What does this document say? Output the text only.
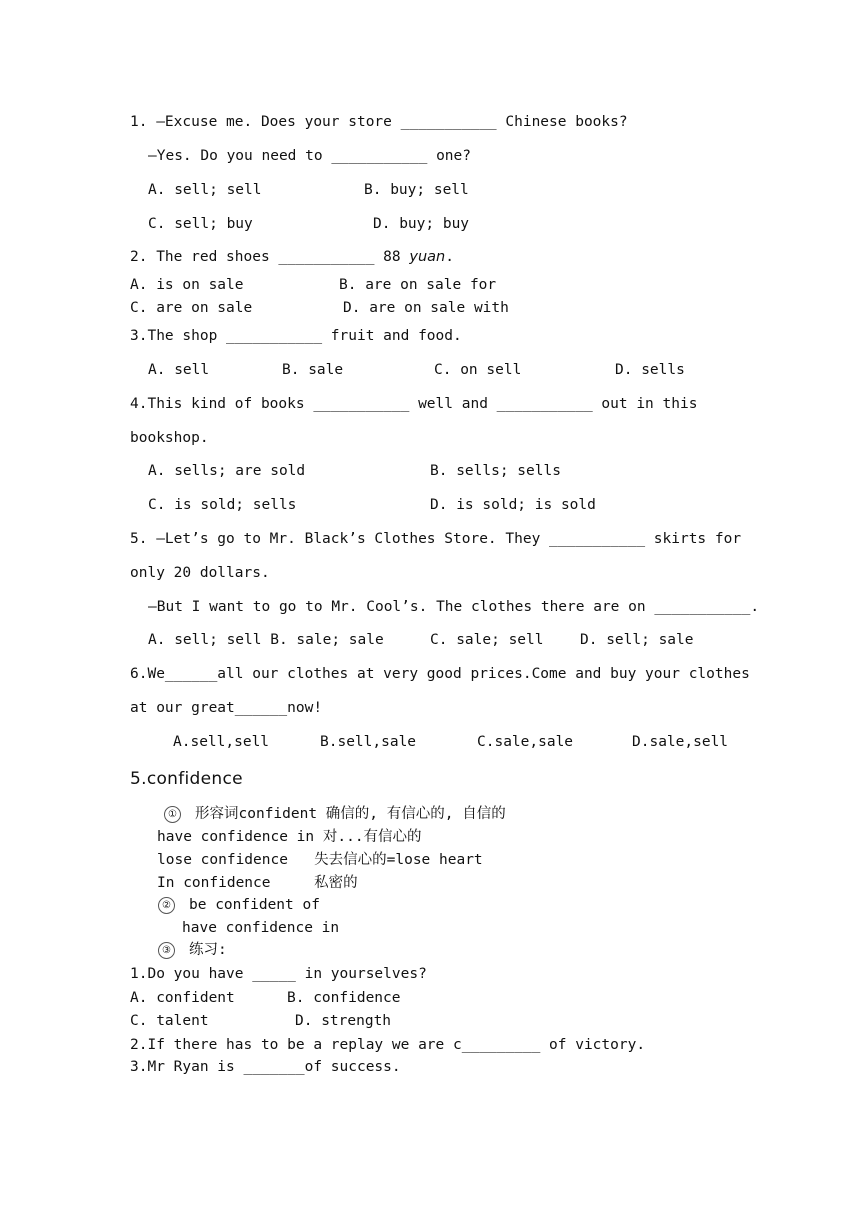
1. —Excuse me. Does your store ___________ Chinese books?
—Yes. Do you need to ___________ one?
A. sell; sell	B. buy; sell
C. sell; buy	D. buy; buy
2. The red shoes ___________ 88 yuan.
A. is on sale	B. are on sale for
C. are on sale	D. are on sale with
3.The shop ___________ fruit and food.
A. sell	B. sale	C. on sell	D. sells
4.This kind of books ___________ well and ___________ out in this
bookshop.
A. sells; are sold	B. sells; sells
C. is sold; sells	D. is sold; is sold
5. —Let’s go to Mr. Black’s Clothes Store. They ___________ skirts for
only 20 dollars.
—But I want to go to Mr. Cool’s. The clothes there are on ___________.
A. sell; sell B. sale; sale	C. sale; sell	D. sell; sale
6.We______all our clothes at very good prices.Come and buy your clothes
at our great______now!
A.sell,sell	B.sell,sale	C.sale,sale	D.sale,sell
5.confidence
① 形容词confident 确信的, 有信心的, 自信的
have confidence in 对...有信心的
lose confidence   失去信心的=lose heart
In confidence     私密的
② be confident of
have confidence in
③ 练习:
1.Do you have _____ in yourselves?
A. confident	B. confidence
C. talent	D. strength
2.If there has to be a replay we are c_________ of victory.
3.Mr Ryan is _______of success.
